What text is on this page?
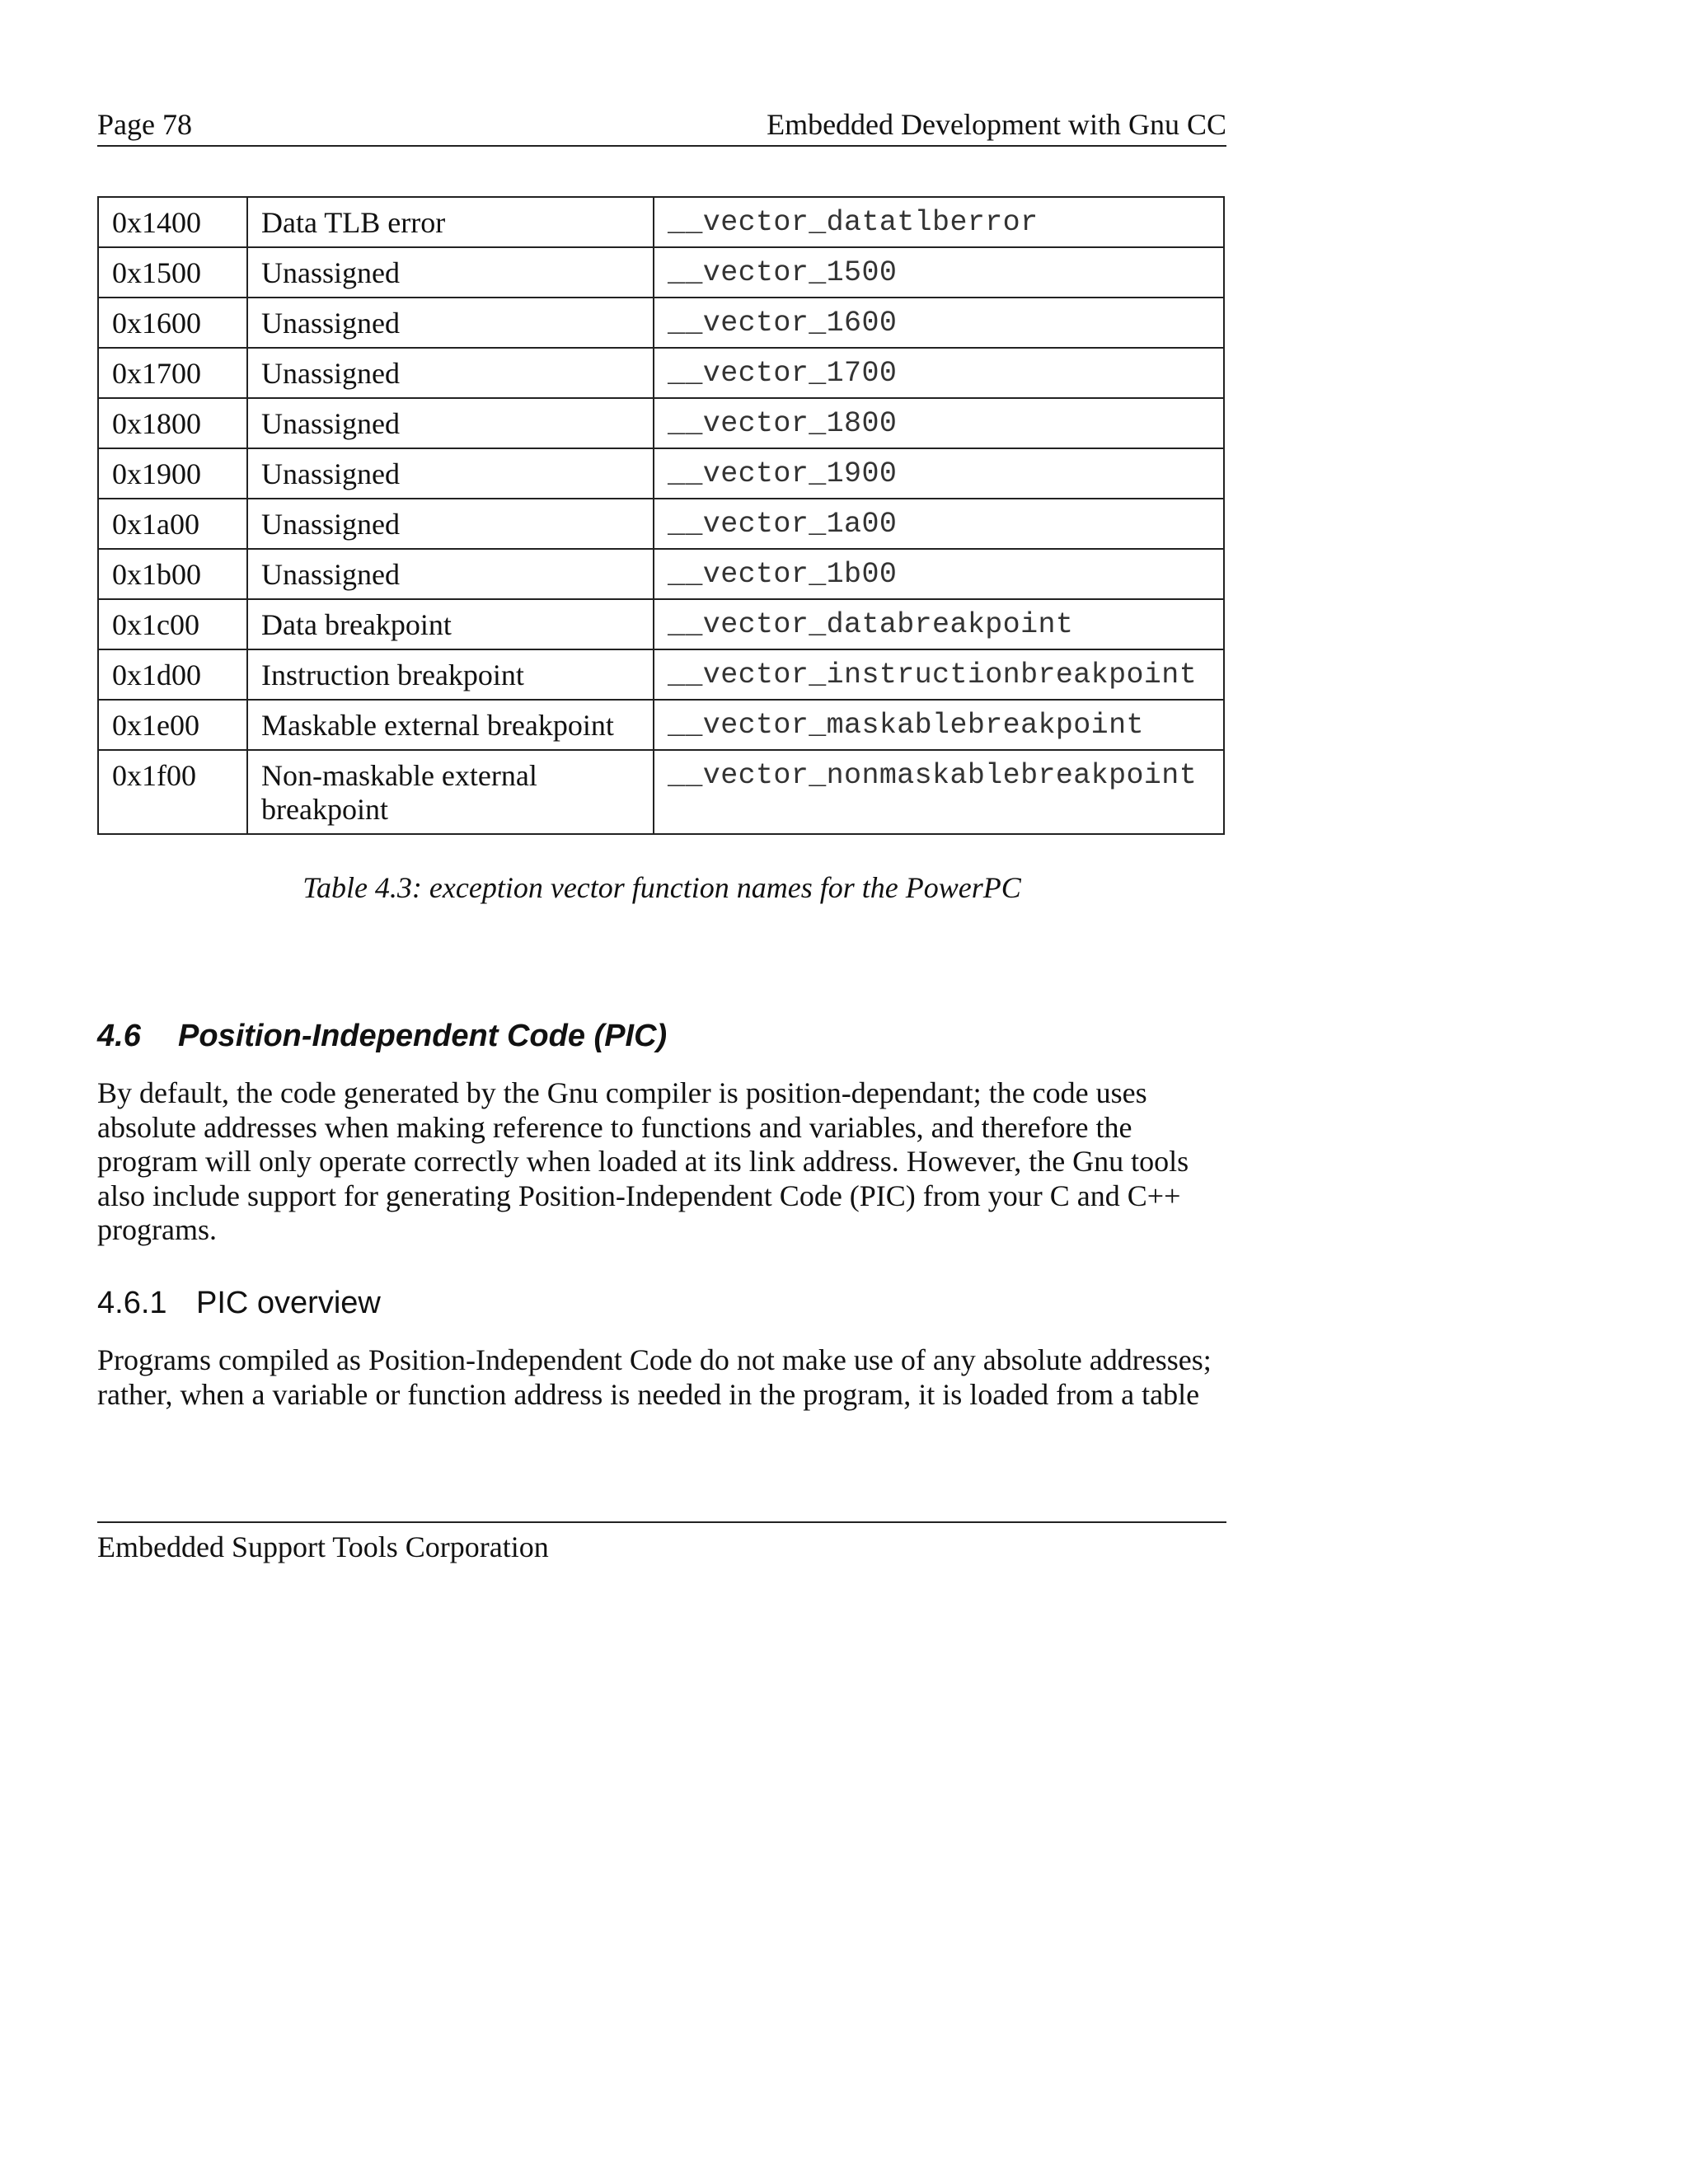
Page 78	Embedded Development with Gnu CC
0x1400	Data TLB error	__vector_datatlberror
0x1500	Unassigned	__vector_1500
0x1600	Unassigned	__vector_1600
0x1700	Unassigned	__vector_1700
0x1800	Unassigned	__vector_1800
0x1900	Unassigned	__vector_1900
0x1a00	Unassigned	__vector_1a00
0x1b00	Unassigned	__vector_1b00
0x1c00	Data breakpoint	__vector_databreakpoint
0x1d00	Instruction breakpoint	__vector_instructionbreakpoint
0x1e00	Maskable external breakpoint	__vector_maskablebreakpoint
0x1f00	Non-maskable external breakpoint	__vector_nonmaskablebreakpoint
Table 4.3: exception vector function names for the PowerPC
4.6 Position-Independent Code (PIC)
By default, the code generated by the Gnu compiler is position-dependant; the code uses absolute addresses when making reference to functions and variables, and therefore the program will only operate correctly when loaded at its link address. However, the Gnu tools also include support for generating Position-Independent Code (PIC) from your C and C++ programs.
4.6.1 PIC overview
Programs compiled as Position-Independent Code do not make use of any absolute addresses; rather, when a variable or function address is needed in the program, it is loaded from a table
Embedded Support Tools Corporation
